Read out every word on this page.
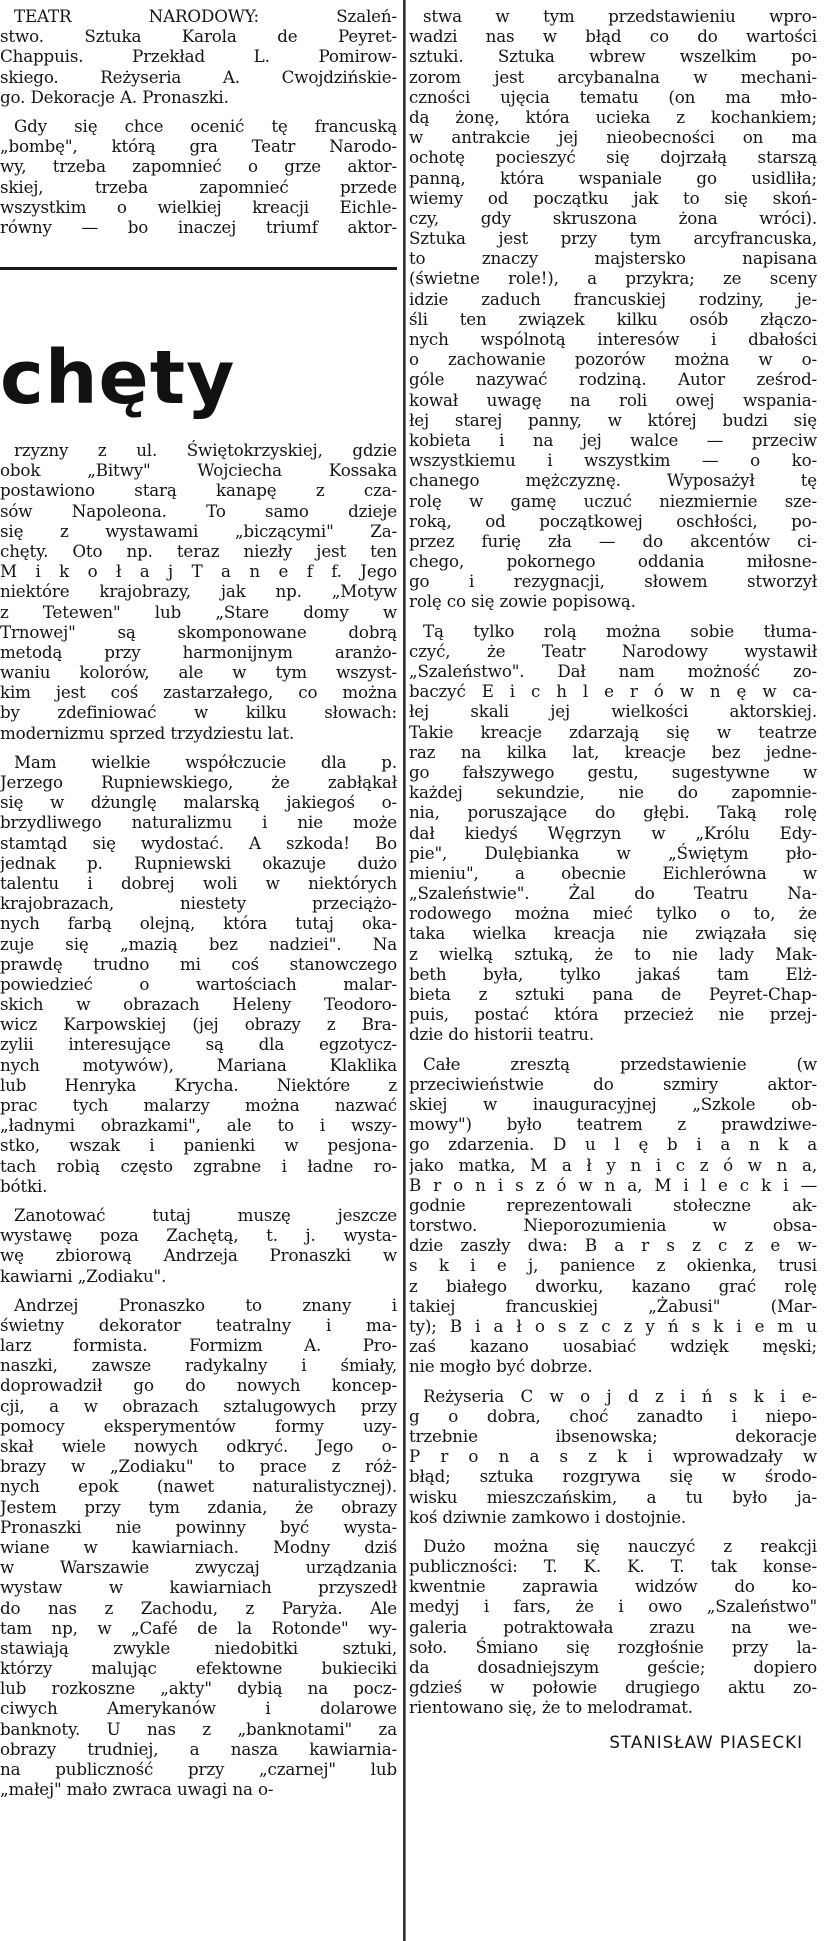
TEATR NARODOWY: Szaleń-
stwo. Sztuka Karola de Peyret-
Chappuis. Przekład L. Pomirow-
skiego. Reżyseria A. Cwojdzińskie-
go. Dekoracje A. Pronaszki.
Gdy się chce ocenić tę francuską
„bombę", którą gra Teatr Narodo-
wy, trzeba zapomnieć o grze aktor-
skiej, trzeba zapomnieć przede
wszystkim o wielkiej kreacji Eichle-
równy — bo inaczej triumf aktor-
chęty
rzyzny z ul. Świętokrzyskiej, gdzie
obok „Bitwy" Wojciecha Kossaka
postawiono starą kanapę z cza-
sów Napoleona. To samo dzieje
się z wystawami „biczącymi" Za-
chęty. Oto np. teraz niezły jest ten
M i k o ł a j T a n e f f. Jego
niektóre krajobrazy, jak np. „Motyw
z Tetewen" lub „Stare domy w
Trnowej" są skomponowane dobrą
metodą przy harmonijnym aranżo-
waniu kolorów, ale w tym wszyst-
kim jest coś zastarzałego, co można
by zdefiniować w kilku słowach:
modernizmu sprzed trzydziestu lat.
Mam wielkie współczucie dla p.
Jerzego Rupniewskiego, że zabłąkał
się w dżunglę malarską jakiegoś o-
brzydliwego naturalizmu i nie może
stamtąd się wydostać. A szkoda! Bo
jednak p. Rupniewski okazuje dużo
talentu i dobrej woli w niektórych
krajobrazach, niestety przeciążo-
nych farbą olejną, która tutaj oka-
zuje się „mazią bez nadziei". Na
prawdę trudno mi coś stanowczego
powiedzieć o wartościach malar-
skich w obrazach Heleny Teodoro-
wicz Karpowskiej (jej obrazy z Bra-
zylii interesujące są dla egzotycz-
nych motywów), Mariana Klaklika
lub Henryka Krycha. Niektóre z
prac tych malarzy można nazwać
„ładnymi obrazkami", ale to i wszy-
stko, wszak i panienki w pesjona-
tach robią często zgrabne i ładne ro-
bótki.
Zanotować tutaj muszę jeszcze
wystawę poza Zachętą, t. j. wysta-
wę zbiorową Andrzeja Pronaszki w
kawiarni „Zodiaku".
Andrzej Pronaszko to znany i
świetny dekorator teatralny i ma-
larz formista. Formizm A. Pro-
naszki, zawsze radykalny i śmiały,
doprowadził go do nowych koncep-
cji, a w obrazach sztalugowych przy
pomocy eksperymentów formy uzy-
skał wiele nowych odkryć. Jego o-
brazy w „Zodiaku" to prace z róż-
nych epok (nawet naturalistycznej).
Jestem przy tym zdania, że obrazy
Pronaszki nie powinny być wysta-
wiane w kawiarniach. Modny dziś
w Warszawie zwyczaj urządzania
wystaw w kawiarniach przyszedł
do nas z Zachodu, z Paryża. Ale
tam np, w „Café de la Rotonde" wy-
stawiają zwykle niedobitki sztuki,
którzy malując efektowne bukieciki
lub rozkoszne „akty" dybią na pocz-
ciwych Amerykanów i dolarowe
banknoty. U nas z „banknotami" za
obrazy trudniej, a nasza kawiarnia-
na publiczność przy „czarnej" lub
„małej" mało zwraca uwagi na o-
stwa w tym przedstawieniu wpro-
wadzi nas w błąd co do wartości
sztuki. Sztuka wbrew wszelkim po-
zorom jest arcybanalna w mechani-
czności ujęcia tematu (on ma mło-
dą żonę, która ucieka z kochankiem;
w antrakcie jej nieobecności on ma
ochotę pocieszyć się dojrzałą starszą
panną, która wspaniale go usidliła;
wiemy od początku jak to się skoń-
czy, gdy skruszona żona wróci).
Sztuka jest przy tym arcyfrancuska,
to znaczy majstersko napisana
(świetne role!), a przykra; ze sceny
idzie zaduch francuskiej rodziny, je-
śli ten związek kilku osób złączo-
nych wspólnotą interesów i dbałości
o zachowanie pozorów można w o-
góle nazywać rodziną. Autor ześrod-
kował uwagę na roli owej wspania-
łej starej panny, w której budzi się
kobieta i na jej walce — przeciw
wszystkiemu i wszystkim — o ko-
chanego mężczyznę. Wyposażył tę
rolę w gamę uczuć niezmiernie sze-
roką, od początkowej oschłości, po-
przez furię zła — do akcentów ci-
chego, pokornego oddania miłosne-
go i rezygnacji, słowem stworzył
rolę co się zowie popisową.
Tą tylko rolą można sobie tłuma-
czyć, że Teatr Narodowy wystawił
„Szaleństwo". Dał nam możność zo-
baczyć E i c h l e r ó w n ę w ca-
łej skali jej wielkości aktorskiej.
Takie kreacje zdarzają się w teatrze
raz na kilka lat, kreacje bez jedne-
go fałszywego gestu, sugestywne w
każdej sekundzie, nie do zapomnie-
nia, poruszające do głębi. Taką rolę
dał kiedyś Węgrzyn w „Królu Edy-
pie", Dulębianka w „Świętym pło-
mieniu", a obecnie Eichlerówna w
„Szaleństwie". Żal do Teatru Na-
rodowego można mieć tylko o to, że
taka wielka kreacja nie związała się
z wielką sztuką, że to nie lady Mak-
beth była, tylko jakaś tam Elż-
bieta z sztuki pana de Peyret-Chap-
puis, postać która przecież nie przej-
dzie do historii teatru.
Całe zresztą przedstawienie (w
przeciwieństwie do szmiry aktor-
skiej w inauguracyjnej „Szkole ob-
mowy") było teatrem z prawdziwe-
go zdarzenia. D u l ę b i a n k a
jako matka, M a ł y n i c z ó w n a,
B r o n i s z ó w n a, M i l e c k i —
godnie reprezentowali stołeczne ak-
torstwo. Nieporozumienia w obsa-
dzie zaszły dwa: B a r s z c z e w-
s k i e j, panience z okienka, trusi
z białego dworku, kazano grać rolę
takiej francuskiej „Żabusi" (Mar-
ty); B i a ł o s z c z y ń s k i e m u
zaś kazano uosabiać wdzięk męski;
nie mogło być dobrze.
Reżyseria C w o j d z i ń s k i e-
g o dobra, choć zanadto i niepo-
trzebnie ibsenowska; dekoracje
P r o n a s z k i wprowadzały w
błąd; sztuka rozgrywa się w środo-
wisku mieszczańskim, a tu było ja-
koś dziwnie zamkowo i dostojnie.
Dużo można się nauczyć z reakcji
publiczności: T. K. K. T. tak konse-
kwentnie zaprawia widzów do ko-
medyj i fars, że i owo „Szaleństwo"
galeria potraktowała zrazu na we-
soło. Śmiano się rozgłośnie przy la-
da dosadniejszym geście; dopiero
gdzieś w połowie drugiego aktu zo-
rientowano się, że to melodramat.
STANISŁAW PIASECKI
